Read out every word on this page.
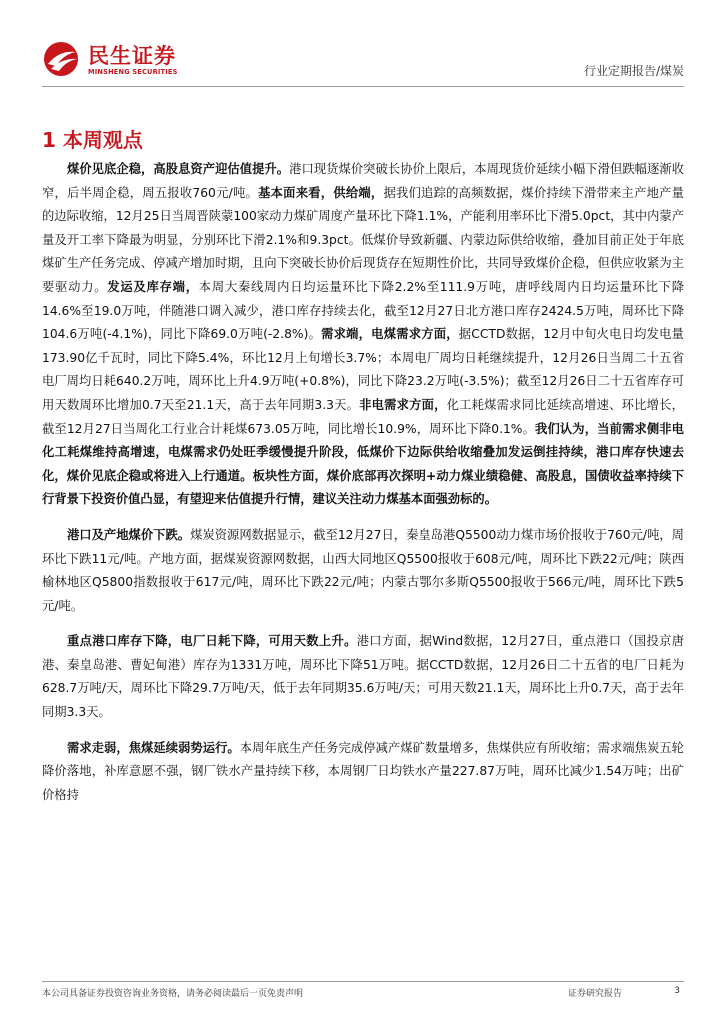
民生证券
MINSHENG SECURITIES	行业定期报告/煤炭
1 本周观点

煤价见底企稳，高股息资产迎估值提升。港口现货煤价突破长协价上限后，本周现货价延续小幅下滑但跌幅逐渐收窄，后半周企稳，周五报收760元/吨。基本面来看，供给端，据我们追踪的高频数据，煤价持续下滑带来主产地产量的边际收缩，12月25日当周晋陕蒙100家动力煤矿周度产量环比下降1.1%，产能利用率环比下滑5.0pct，其中内蒙产量及开工率下降最为明显，分别环比下滑2.1%和9.3pct。低煤价导致新疆、内蒙边际供给收缩，叠加目前正处于年底煤矿生产任务完成、停减产增加时期，且向下突破长协价后现货存在短期性价比，共同导致煤价企稳，但供应收紧为主要驱动力。发运及库存端，本周大秦线周内日均运量环比下降2.2%至111.9万吨，唐呼线周内日均运量环比下降14.6%至19.0万吨，伴随港口调入减少，港口库存持续去化，截至12月27日北方港口库存2424.5万吨，周环比下降104.6万吨(-4.1%)，同比下降69.0万吨(-2.8%)。需求端，电煤需求方面，据CCTD数据，12月中旬火电日均发电量173.90亿千瓦时，同比下降5.4%，环比12月上旬增长3.7%；本周电厂周均日耗继续提升，12月26日当周二十五省电厂周均日耗640.2万吨，周环比上升4.9万吨(+0.8%)，同比下降23.2万吨(-3.5%)；截至12月26日二十五省库存可用天数周环比增加0.7天至21.1天，高于去年同期3.3天。非电需求方面，化工耗煤需求同比延续高增速、环比增长，截至12月27日当周化工行业合计耗煤673.05万吨，同比增长10.9%，周环比下降0.1%。我们认为，当前需求侧非电化工耗煤维持高增速，电煤需求仍处旺季缓慢提升阶段，低煤价下边际供给收缩叠加发运倒挂持续，港口库存快速去化，煤价见底企稳或将进入上行通道。板块性方面，煤价底部再次探明+动力煤业绩稳健、高股息，国债收益率持续下行背景下投资价值凸显，有望迎来估值提升行情，建议关注动力煤基本面强劲标的。

港口及产地煤价下跌。煤炭资源网数据显示，截至12月27日，秦皇岛港Q5500动力煤市场价报收于760元/吨，周环比下跌11元/吨。产地方面，据煤炭资源网数据，山西大同地区Q5500报收于608元/吨，周环比下跌22元/吨；陕西榆林地区Q5800指数报收于617元/吨，周环比下跌22元/吨；内蒙古鄂尔多斯Q5500报收于566元/吨，周环比下跌5元/吨。

重点港口库存下降，电厂日耗下降，可用天数上升。港口方面，据Wind数据，12月27日，重点港口（国投京唐港、秦皇岛港、曹妃甸港）库存为1331万吨，周环比下降51万吨。据CCTD数据，12月26日二十五省的电厂日耗为628.7万吨/天，周环比下降29.7万吨/天，低于去年同期35.6万吨/天；可用天数21.1天，周环比上升0.7天，高于去年同期3.3天。

需求走弱，焦煤延续弱势运行。本周年底生产任务完成停减产煤矿数量增多，焦煤供应有所收缩；需求端焦炭五轮降价落地，补库意愿不强，钢厂铁水产量持续下移，本周钢厂日均铁水产量227.87万吨，周环比减少1.54万吨；出矿价格持

本公司具备证券投资咨询业务资格，请务必阅读最后一页免责声明	证券研究报告	3
